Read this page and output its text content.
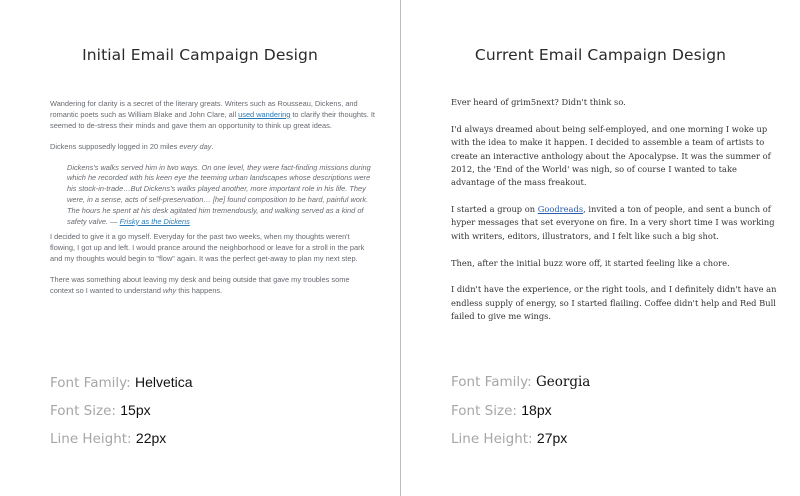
Initial Email Campaign Design

Wandering for clarity is a secret of the literary greats. Writers such as Rousseau, Dickens, and romantic poets such as William Blake and John Clare, all used wandering to clarify their thoughts. It seemed to de-stress their minds and gave them an opportunity to think up great ideas.

Dickens supposedly logged in 20 miles every day.

Dickens's walks served him in two ways. On one level, they were fact-finding missions during which he recorded with his keen eye the teeming urban landscapes whose descriptions were his stock-in-trade…But Dickens's walks played another, more important role in his life. They were, in a sense, acts of self-preservation… [he] found composition to be hard, painful work. The hours he spent at his desk agitated him tremendously, and walking served as a kind of safety valve. — Frisky as the Dickens

I decided to give it a go myself. Everyday for the past two weeks, when my thoughts weren't flowing, I got up and left. I would prance around the neighborhood or leave for a stroll in the park and my thoughts would begin to "flow" again. It was the perfect get-away to plan my next step.

There was something about leaving my desk and being outside that gave my troubles some context so I wanted to understand why this happens.

Font Family: Helvetica
Font Size: 15px
Line Height: 22px
Current Email Campaign Design

Ever heard of grim5next? Didn't think so.

I'd always dreamed about being self-employed, and one morning I woke up with the idea to make it happen. I decided to assemble a team of artists to create an interactive anthology about the Apocalypse. It was the summer of 2012, the 'End of the World' was nigh, so of course I wanted to take advantage of the mass freakout.

I started a group on Goodreads, invited a ton of people, and sent a bunch of hyper messages that set everyone on fire. In a very short time I was working with writers, editors, illustrators, and I felt like such a big shot.

Then, after the initial buzz wore off, it started feeling like a chore.

I didn't have the experience, or the right tools, and I definitely didn't have an endless supply of energy, so I started flailing. Coffee didn't help and Red Bull failed to give me wings.

Font Family: Georgia
Font Size: 18px
Line Height: 27px
